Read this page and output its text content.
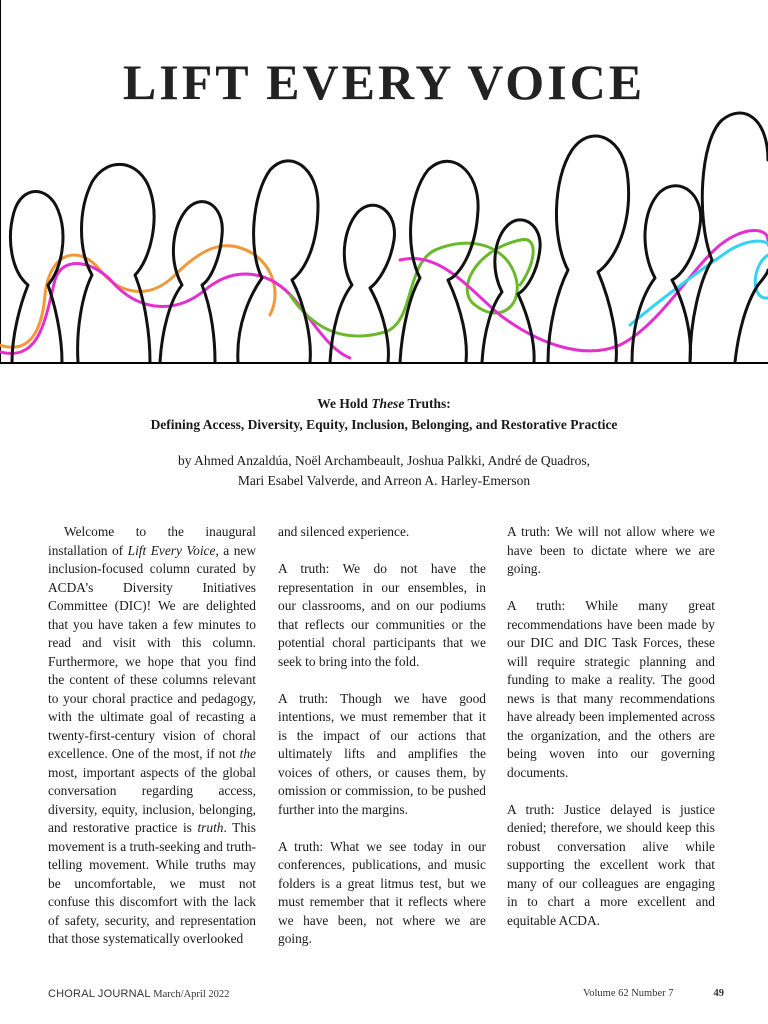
LIFT EVERY VOICE
We Hold These Truths:
Defining Access, Diversity, Equity, Inclusion, Belonging, and Restorative Practice
by Ahmed Anzaldúa, Noël Archambeault, Joshua Palkki, André de Quadros,
Mari Esabel Valverde, and Arreon A. Harley-Emerson

Welcome to the inaugural installation of Lift Every Voice, a new inclusion-focused column curated by ACDA’s Diversity Initiatives Committee (DIC)! We are delighted that you have taken a few minutes to read and visit with this column. Furthermore, we hope that you find the content of these columns relevant to your choral practice and pedagogy, with the ultimate goal of recasting a twenty-first-century vision of choral excellence. One of the most, if not the most, important aspects of the global conversation regarding access, diversity, equity, inclusion, belonging, and restorative practice is truth. This movement is a truth-seeking and truth-telling movement. While truths may be uncomfortable, we must not confuse this discomfort with the lack of safety, security, and representation that those systematically overlooked

and silenced experience.

A truth: We do not have the representation in our ensembles, in our classrooms, and on our podiums that reflects our communities or the potential choral participants that we seek to bring into the fold.

A truth: Though we have good intentions, we must remember that it is the impact of our actions that ultimately lifts and amplifies the voices of others, or causes them, by omission or commission, to be pushed further into the margins.

A truth: What we see today in our conferences, publications, and music folders is a great litmus test, but we must remember that it reflects where we have been, not where we are going.

A truth: We will not allow where we have been to dictate where we are going.

A truth: While many great recommendations have been made by our DIC and DIC Task Forces, these will require strategic planning and funding to make a reality. The good news is that many recommendations have already been implemented across the organization, and the others are being woven into our governing documents.

A truth: Justice delayed is justice denied; therefore, we should keep this robust conversation alive while supporting the excellent work that many of our colleagues are engaging in to chart a more excellent and equitable ACDA.

CHORAL JOURNAL March/April 2022	Volume 62 Number 7	49
